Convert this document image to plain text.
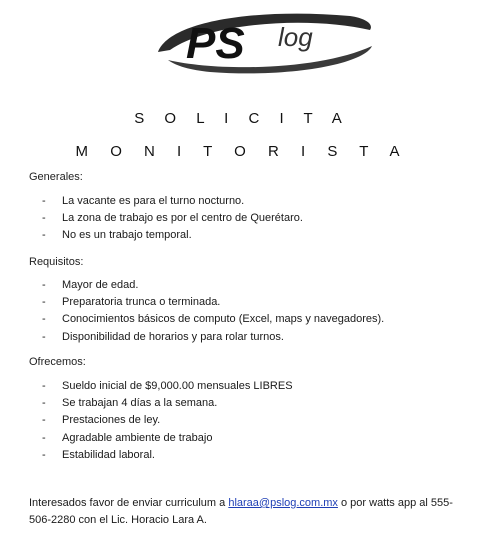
PS log
S O L I C I T A
M O N I T O R I S T A
Generales:
- La vacante es para el turno nocturno.
- La zona de trabajo es por el centro de Querétaro.
- No es un trabajo temporal.
Requisitos:
- Mayor de edad.
- Preparatoria trunca o terminada.
- Conocimientos básicos de computo (Excel, maps y navegadores).
- Disponibilidad de horarios y para rolar turnos.
Ofrecemos:
- Sueldo inicial de $9,000.00 mensuales LIBRES
- Se trabajan 4 días a la semana.
- Prestaciones de ley.
- Agradable ambiente de trabajo
- Estabilidad laboral.
Interesados favor de enviar curriculum a hlaraa@pslog.com.mx o por watts app al 555-506-2280 con el Lic. Horacio Lara A.
